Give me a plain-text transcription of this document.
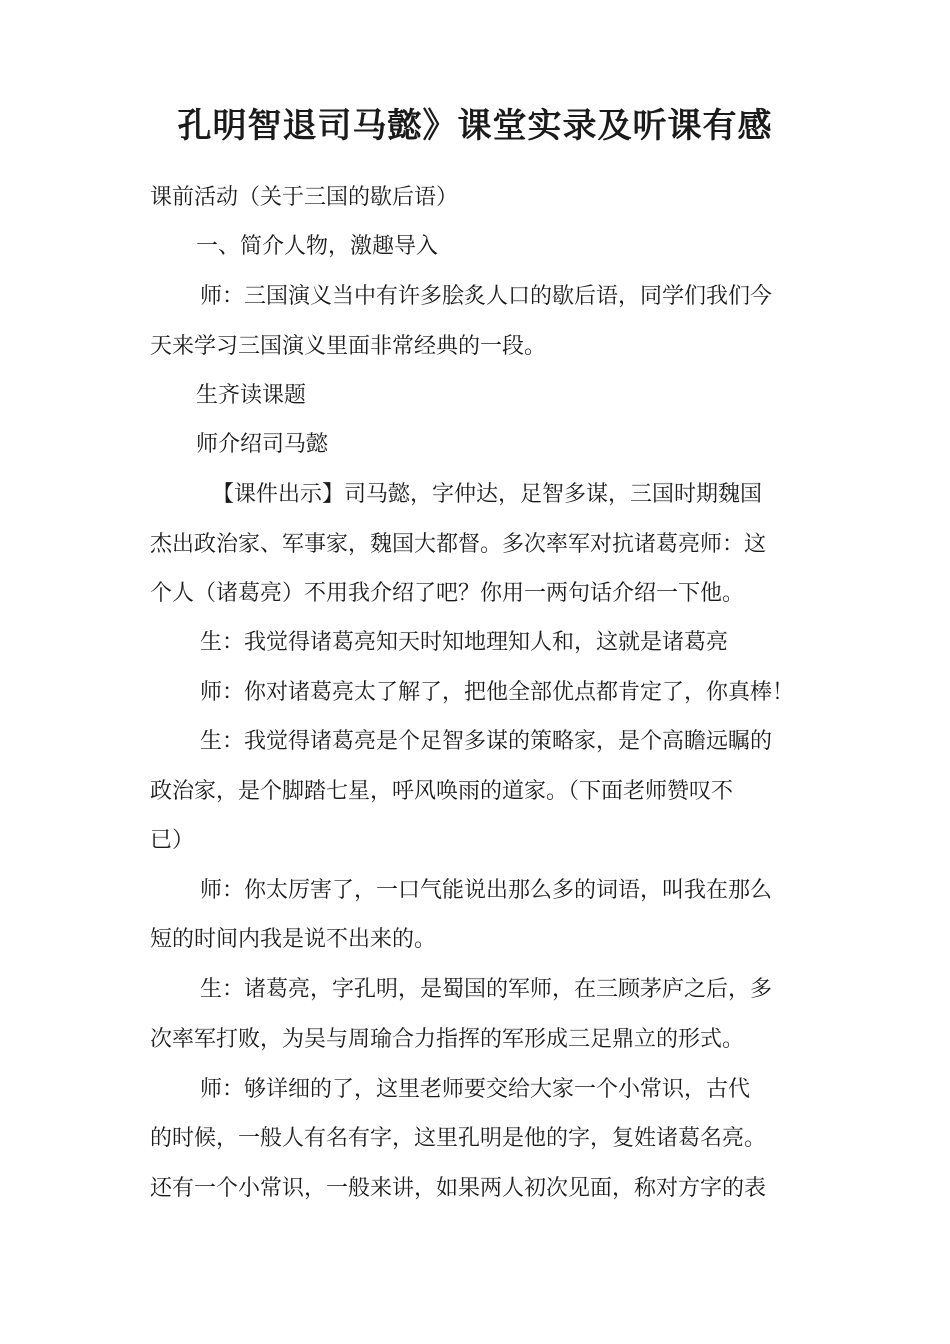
孔明智退司马懿》课堂实录及听课有感
课前活动（关于三国的歇后语）
一、简介人物，激趣导入
师：三国演义当中有许多脍炙人口的歇后语，同学们我们今
天来学习三国演义里面非常经典的一段。
生齐读课题
师介绍司马懿
【课件出示】司马懿，字仲达，足智多谋，三国时期魏国
杰出政治家、军事家，魏国大都督。多次率军对抗诸葛亮师：这
个人（诸葛亮）不用我介绍了吧？你用一两句话介绍一下他。
生：我觉得诸葛亮知天时知地理知人和，这就是诸葛亮
师：你对诸葛亮太了解了，把他全部优点都肯定了，你真棒！
生：我觉得诸葛亮是个足智多谋的策略家，是个高瞻远瞩的
政治家，是个脚踏七星，呼风唤雨的道家。（下面老师赞叹不
已）
师：你太厉害了，一口气能说出那么多的词语，叫我在那么
短的时间内我是说不出来的。
生：诸葛亮，字孔明，是蜀国的军师，在三顾茅庐之后，多
次率军打败，为吴与周瑜合力指挥的军形成三足鼎立的形式。
师：够详细的了，这里老师要交给大家一个小常识，古代
的时候，一般人有名有字，这里孔明是他的字，复姓诸葛名亮。
还有一个小常识，一般来讲，如果两人初次见面，称对方字的表
